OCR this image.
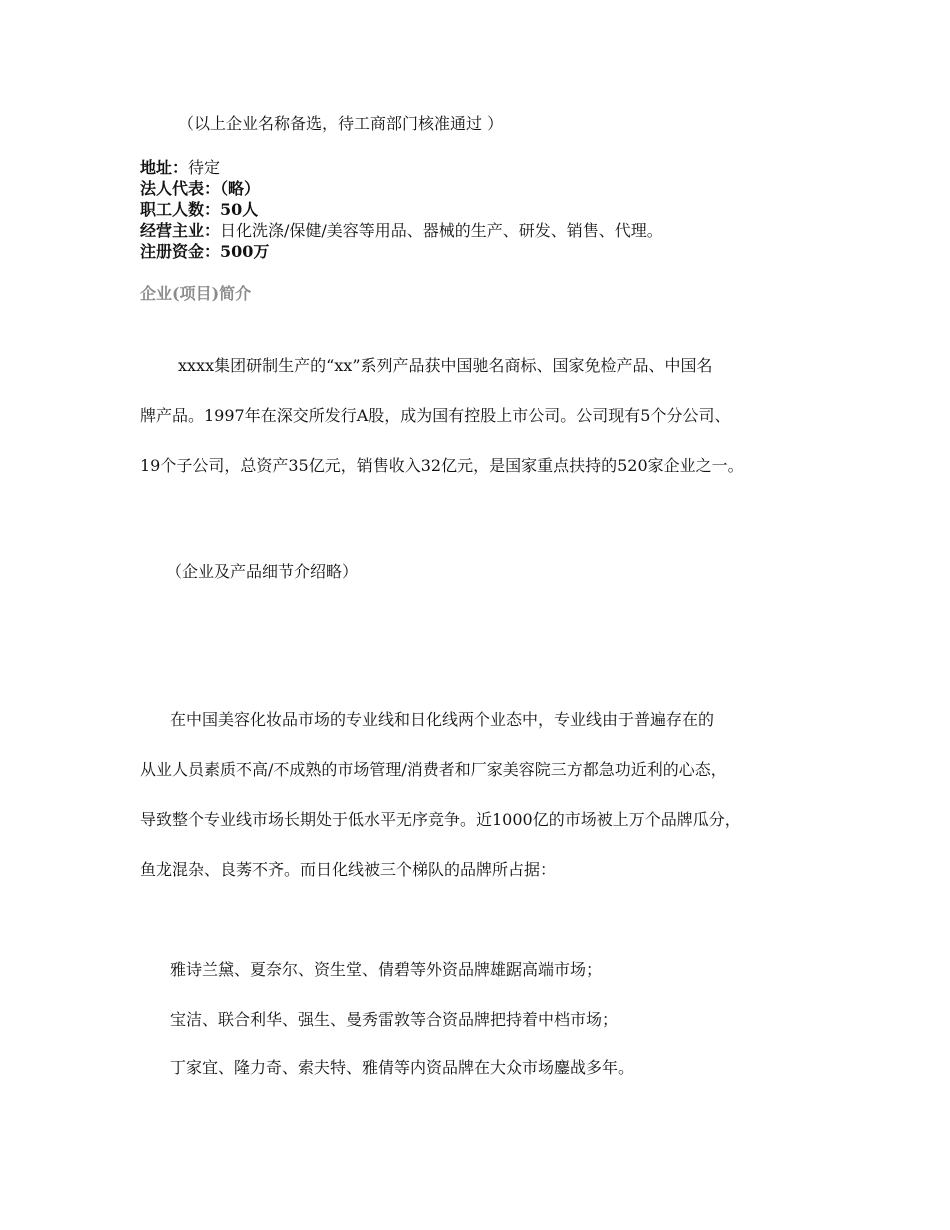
（以上企业名称备选，待工商部门核准通过 ）
地址：待定
法人代表：（略）
职工人数：50人
经营主业：日化洗涤/保健/美容等用品、器械的生产、研发、销售、代理。
注册资金：500万
企业(项目)简介
xxxx集团研制生产的“xx”系列产品获中国驰名商标、国家免检产品、中国名
牌产品。1997年在深交所发行A股，成为国有控股上市公司。公司现有5个分公司、
19个子公司，总资产35亿元，销售收入32亿元，是国家重点扶持的520家企业之一。
（企业及产品细节介绍略）
在中国美容化妆品市场的专业线和日化线两个业态中，专业线由于普遍存在的
从业人员素质不高/不成熟的市场管理/消费者和厂家美容院三方都急功近利的心态，
导致整个专业线市场长期处于低水平无序竞争。近1000亿的市场被上万个品牌瓜分，
鱼龙混杂、良莠不齐。而日化线被三个梯队的品牌所占据：
雅诗兰黛、夏奈尔、资生堂、倩碧等外资品牌雄踞高端市场；
宝洁、联合利华、强生、曼秀雷敦等合资品牌把持着中档市场；
丁家宜、隆力奇、索夫特、雅倩等内资品牌在大众市场鏖战多年。
